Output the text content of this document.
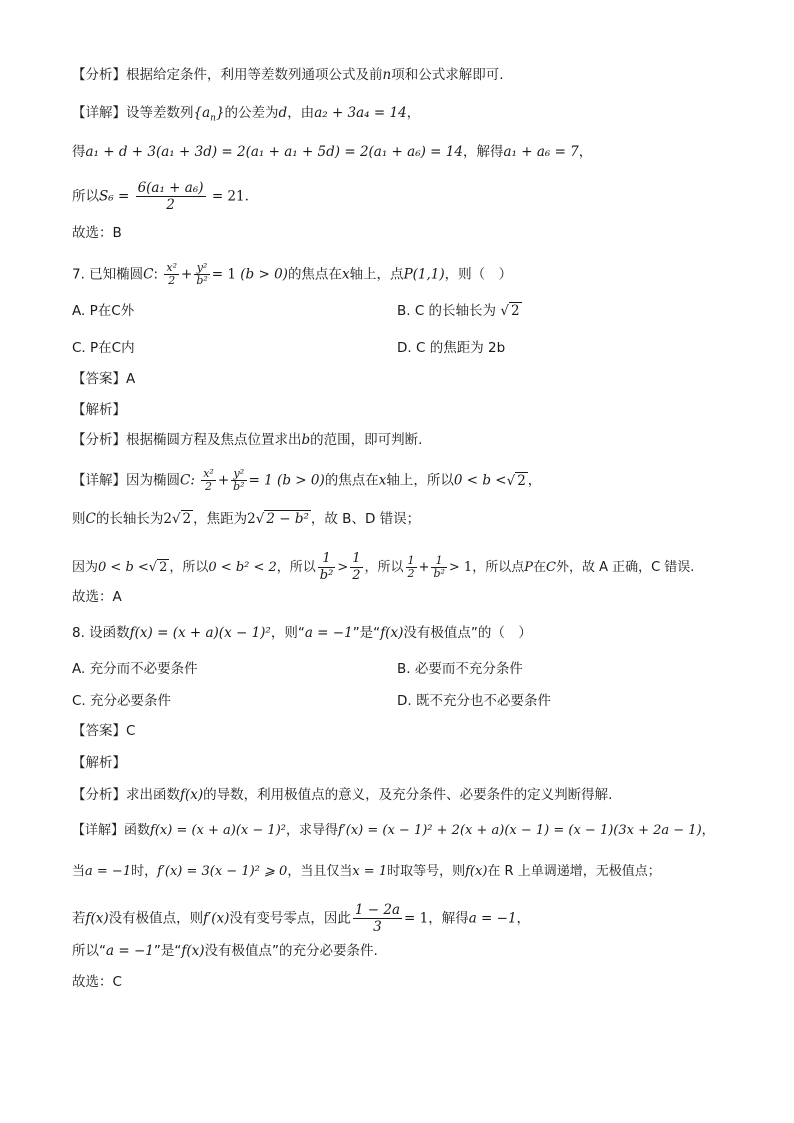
【分析】根据给定条件，利用等差数列通项公式及前n项和公式求解即可.
【详解】设等差数列$\{a_n\}$的公差为d，由a₂ + 3a₄ = 14，
得a₁ + d + 3(a₁ + 3d) = 2(a₁ + a₁ + 5d) = 2(a₁ + a₆) = 14，解得a₁ + a₆ = 7，
所以$S_6 = \frac{\text{6(a₁ + a₆)}}{2} = 21$.
故选：B
7. 已知椭圆C: $\frac{\text{x²}}{2} + \frac{\text{y²}}{\text{b²}} = 1$ (b > 0)的焦点在x轴上，点P(1,1)，则（　）
A. P在C外	B. C 的长轴长为 √ 2
C. P在C内	D. C 的焦距为 2b
【答案】A
【解析】
【分析】根据椭圆方程及焦点位置求出b的范围，即可判断.
【详解】因为椭圆C: $\frac{\text{x²}}{2} + \frac{\text{y²}}{\text{b²}} = 1$ (b > 0)的焦点在x轴上，所以0 < b <√ 2 ，
则C的长轴长为2√ 2 ，焦距为2√ 2 − b² ，故 B、D 错误；
因为0 < b <√ 2 ，所以0 < b² < 2，所以 $\frac{1}{\text{b²}} > \frac{1}{2}$ ，所以 $\frac{1}{2} + \frac{1}{\text{b²}} > 1$，所以点P在C外，故 A 正确，C 错误.
故选：A
8. 设函数f(x) = (x + a)(x − 1)²，则“a = −1”是“f(x)没有极值点”的（　）
A. 充分而不必要条件	B. 必要而不充分条件
C. 充分必要条件	D. 既不充分也不必要条件
【答案】C
【解析】
【分析】求出函数f(x)的导数，利用极值点的意义，及充分条件、必要条件的定义判断得解.
【详解】函数f(x) = (x + a)(x − 1)²，求导得f′(x) = (x − 1)² + 2(x + a)(x − 1) = (x − 1)(3x + 2a − 1)，
当a = −1时，f′(x) = 3(x − 1)² ⩾ 0，当且仅当x = 1时取等号，则f(x)在 R 上单调递增，无极值点；
若f(x)没有极值点，则f′(x)没有变号零点，因此 $\frac{1 - 2a}{3} = 1$，解得a = −1，
所以“a = −1”是“f(x)没有极值点”的充分必要条件.
故选：C
